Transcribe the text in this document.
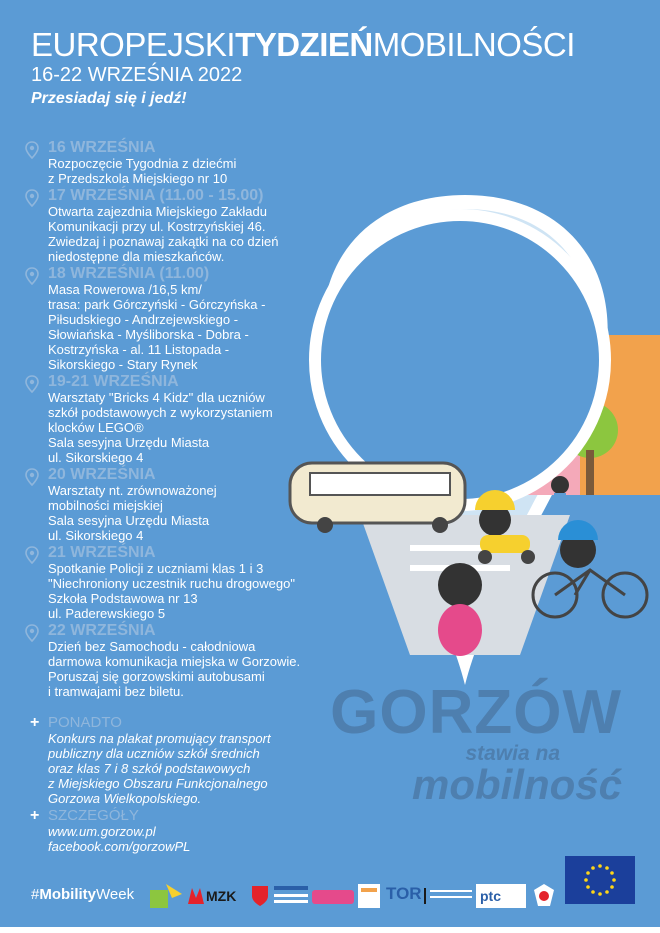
EUROPEJSKITYDZIEŃMOBILNOŚCI
16-22 WRZEŚNIA 2022
Przesiadaj się i jedź!
16 WRZEŚNIA
Rozpoczęcie Tygodnia z dziećmi
z Przedszkola Miejskiego nr 10
17 WRZEŚNIA (11.00 - 15.00)
Otwarta zajezdnia Miejskiego Zakładu
Komunikacji przy ul. Kostrzyńskiej 46.
Zwiedzaj i poznawaj zakątki na co dzień
niedostępne dla mieszkańców.
18 WRZEŚNIA (11.00)
Masa Rowerowa /16,5 km/
trasa: park Górczyński - Górczyńska -
Piłsudskiego - Andrzejewskiego -
Słowiańska - Myśliborska - Dobra -
Kostrzyńska - al. 11 Listopada -
Sikorskiego - Stary Rynek
19-21 WRZEŚNIA
Warsztaty "Bricks 4 Kidz" dla uczniów
szkół podstawowych z wykorzystaniem
klocków LEGO®
Sala sesyjna Urzędu Miasta
ul. Sikorskiego 4
20 WRZEŚNIA
Warsztaty nt. zrównoważonej
mobilności miejskiej
Sala sesyjna Urzędu Miasta
ul. Sikorskiego 4
21 WRZEŚNIA
Spotkanie Policji z uczniami klas 1 i 3
"Niechroniony uczestnik ruchu drogowego"
Szkoła Podstawowa nr 13
ul. Paderewskiego 5
22 WRZEŚNIA
Dzień bez Samochodu - całodniowa
darmowa komunikacja miejska w Gorzowie.
Poruszaj się gorzowskimi autobusami
i tramwajami bez biletu.
+ PONADTO
Konkurs na plakat promujący transport
publiczny dla uczniów szkół średnich
oraz klas 7 i 8 szkół podstawowych
z Miejskiego Obszaru Funkcjonalnego
Gorzowa Wielkopolskiego.
+ SZCZEGÓŁY
www.um.gorzow.pl
facebook.com/gorzowPL
GORZÓW
stawia na
mobilność
#MobilityWeek	MZK	TOR	ptc
